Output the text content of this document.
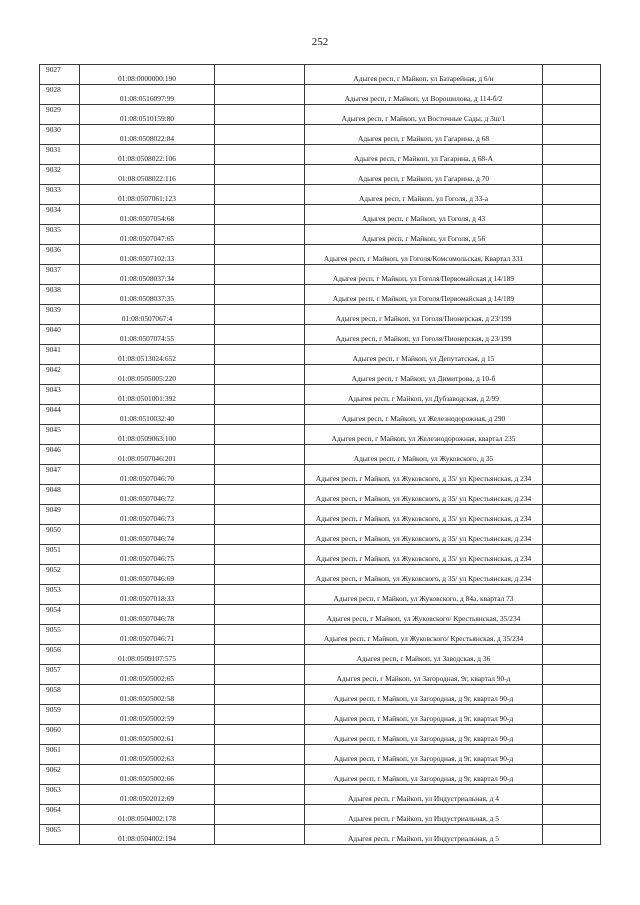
252
9027	01:08:0000000:190		Адыгея респ, г Майкоп, ул Батарейная, д 6/н	
9028	01:08:0516097:99		Адыгея респ, г Майкоп, ул Ворошилова, д 114-б/2	
9029	01:08:0510159:80		Адыгея респ, г Майкоп, ул Восточные Сады, д 3ш/1	
9030	01:08:0508022:84		Адыгея респ, г Майкоп, ул Гагарина, д 68	
9031	01:08:0508022:106		Адыгея респ, г Майкоп, ул Гагарина, д 68-А	
9032	01:08:0508022:116		Адыгея респ, г Майкоп, ул Гагарина, д 70	
9033	01:08:0507061:123		Адыгея респ, г Майкоп, ул Гоголя, д 33-а	
9034	01:08:0507054:68		Адыгея респ, г Майкоп, ул Гоголя, д 43	
9035	01:08:0507047:65		Адыгея респ, г Майкоп, ул Гоголя, д 56	
9036	01:08:0507102:33		Адыгея респ, г Майкоп, ул Гоголя/Комсомольская, Квартал 331	
9037	01:08:0508037:34		Адыгея респ, г Майкоп, ул Гоголя/Первомайская д 14/189	
9038	01:08:0508037:35		Адыгея респ, г Майкоп, ул Гоголя/Первомайская д 14/189	
9039	01:08:0507067:4		Адыгея респ, г Майкоп, ул Гоголя/Пионерская, д 23/199	
9040	01:08:0507074:55		Адыгея респ, г Майкоп, ул Гоголя/Пионерская, д 23/199	
9041	01:08:0513024:652		Адыгея респ, г Майкоп, ул Депутатская, д 15	
9042	01:08:0505005:220		Адыгея респ, г Майкоп, ул Димитрова, д 10-б	
9043	01:08:0501001:392		Адыгея респ, г Майкоп, ул Дубзаводская, д 2/99	
9044	01:08:0510032:40		Адыгея респ, г Майкоп, ул Железнодорожная, д 290	
9045	01:08:0509063:100		Адыгея респ, г Майкоп, ул Железнодорожная, квартал 235	
9046	01:08:0507046:201		Адыгея респ, г Майкоп, ул Жуковского, д 35	
9047	01:08:0507046:70		Адыгея респ, г Майкоп, ул Жуковского, д 35/ ул Крестьянская, д 234	
9048	01:08:0507046:72		Адыгея респ, г Майкоп, ул Жуковского, д 35/ ул Крестьянская, д 234	
9049	01:08:0507046:73		Адыгея респ, г Майкоп, ул Жуковского, д 35/ ул Крестьянская, д 234	
9050	01:08:0507046:74		Адыгея респ, г Майкоп, ул Жуковского, д 35/ ул Крестьянская, д 234	
9051	01:08:0507046:75		Адыгея респ, г Майкоп, ул Жуковского, д 35/ ул Крестьянская, д 234	
9052	01:08:0507046:69		Адыгея респ, г Майкоп, ул Жуковского, д 35/ ул Крестьянская, д 234	
9053	01:08:0507018:33		Адыгея респ, г Майкоп, ул Жуковского, д 84а, квартал 73	
9054	01:08:0507046:78		Адыгея респ, г Майкоп, ул Жуковского/ Крестьянская, 35/234	
9055	01:08:0507046:71		Адыгея респ, г Майкоп, ул Жуковского/ Крестьянская, д 35/234	
9056	01:08:0509107:575		Адыгея респ, г Майкоп, ул Заводская, д 36	
9057	01:08:0505002:65		Адыгея респ, г Майкоп, ул Загородная, 9г, квартал 90-д	
9058	01:08:0505002:58		Адыгея респ, г Майкоп, ул Загородная, д 9г, квартал 90-д	
9059	01:08:0505002:59		Адыгея респ, г Майкоп, ул Загородная, д 9г, квартал 90-д	
9060	01:08:0505002:61		Адыгея респ, г Майкоп, ул Загородная, д 9г, квартал 90-д	
9061	01:08:0505002:63		Адыгея респ, г Майкоп, ул Загородная, д 9г, квартал 90-д	
9062	01:08:0505002:66		Адыгея респ, г Майкоп, ул Загородная, д 9г, квартал 90-д	
9063	01:08:0502012:69		Адыгея респ, г Майкоп, ул Индустриальная, д 4	
9064	01:08:0504002:178		Адыгея респ, г Майкоп, ул Индустриальная, д 5	
9065	01:08:0504002:194		Адыгея респ, г Майкоп, ул Индустриальная, д 5	
